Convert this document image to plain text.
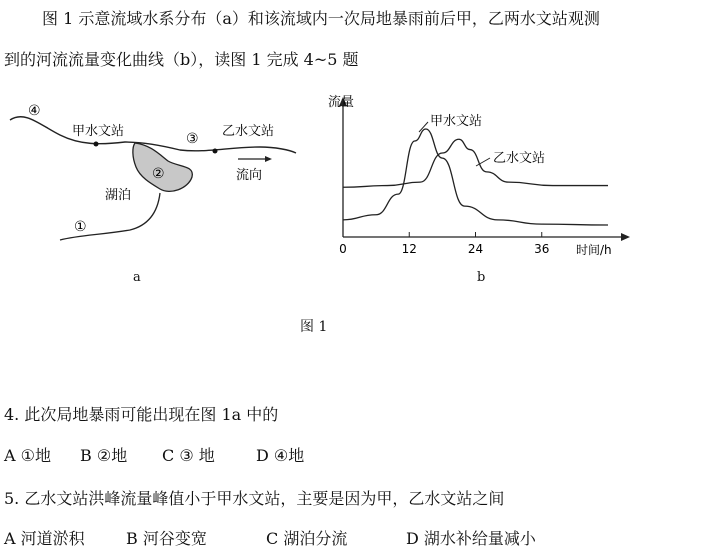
图 1 示意流域水系分布（a）和该流域内一次局地暴雨前后甲，乙两水文站观测
到的河流流量变化曲线（b），读图 1 完成 4~5 题
④
甲水文站	③ 乙水文站
②
湖泊
流向
①
a
流量
时间/h
0	12	24	36
甲水文站
乙水文站
b
图 1
4. 此次局地暴雨可能出现在图 1a 中的
A ①地 B ②地 C ③ 地	D ④地
5. 乙水文站洪峰流量峰值小于甲水文站，主要是因为甲，乙水文站之间
A 河道淤积	B 河谷变宽	C 湖泊分流	D 湖水补给量减小
